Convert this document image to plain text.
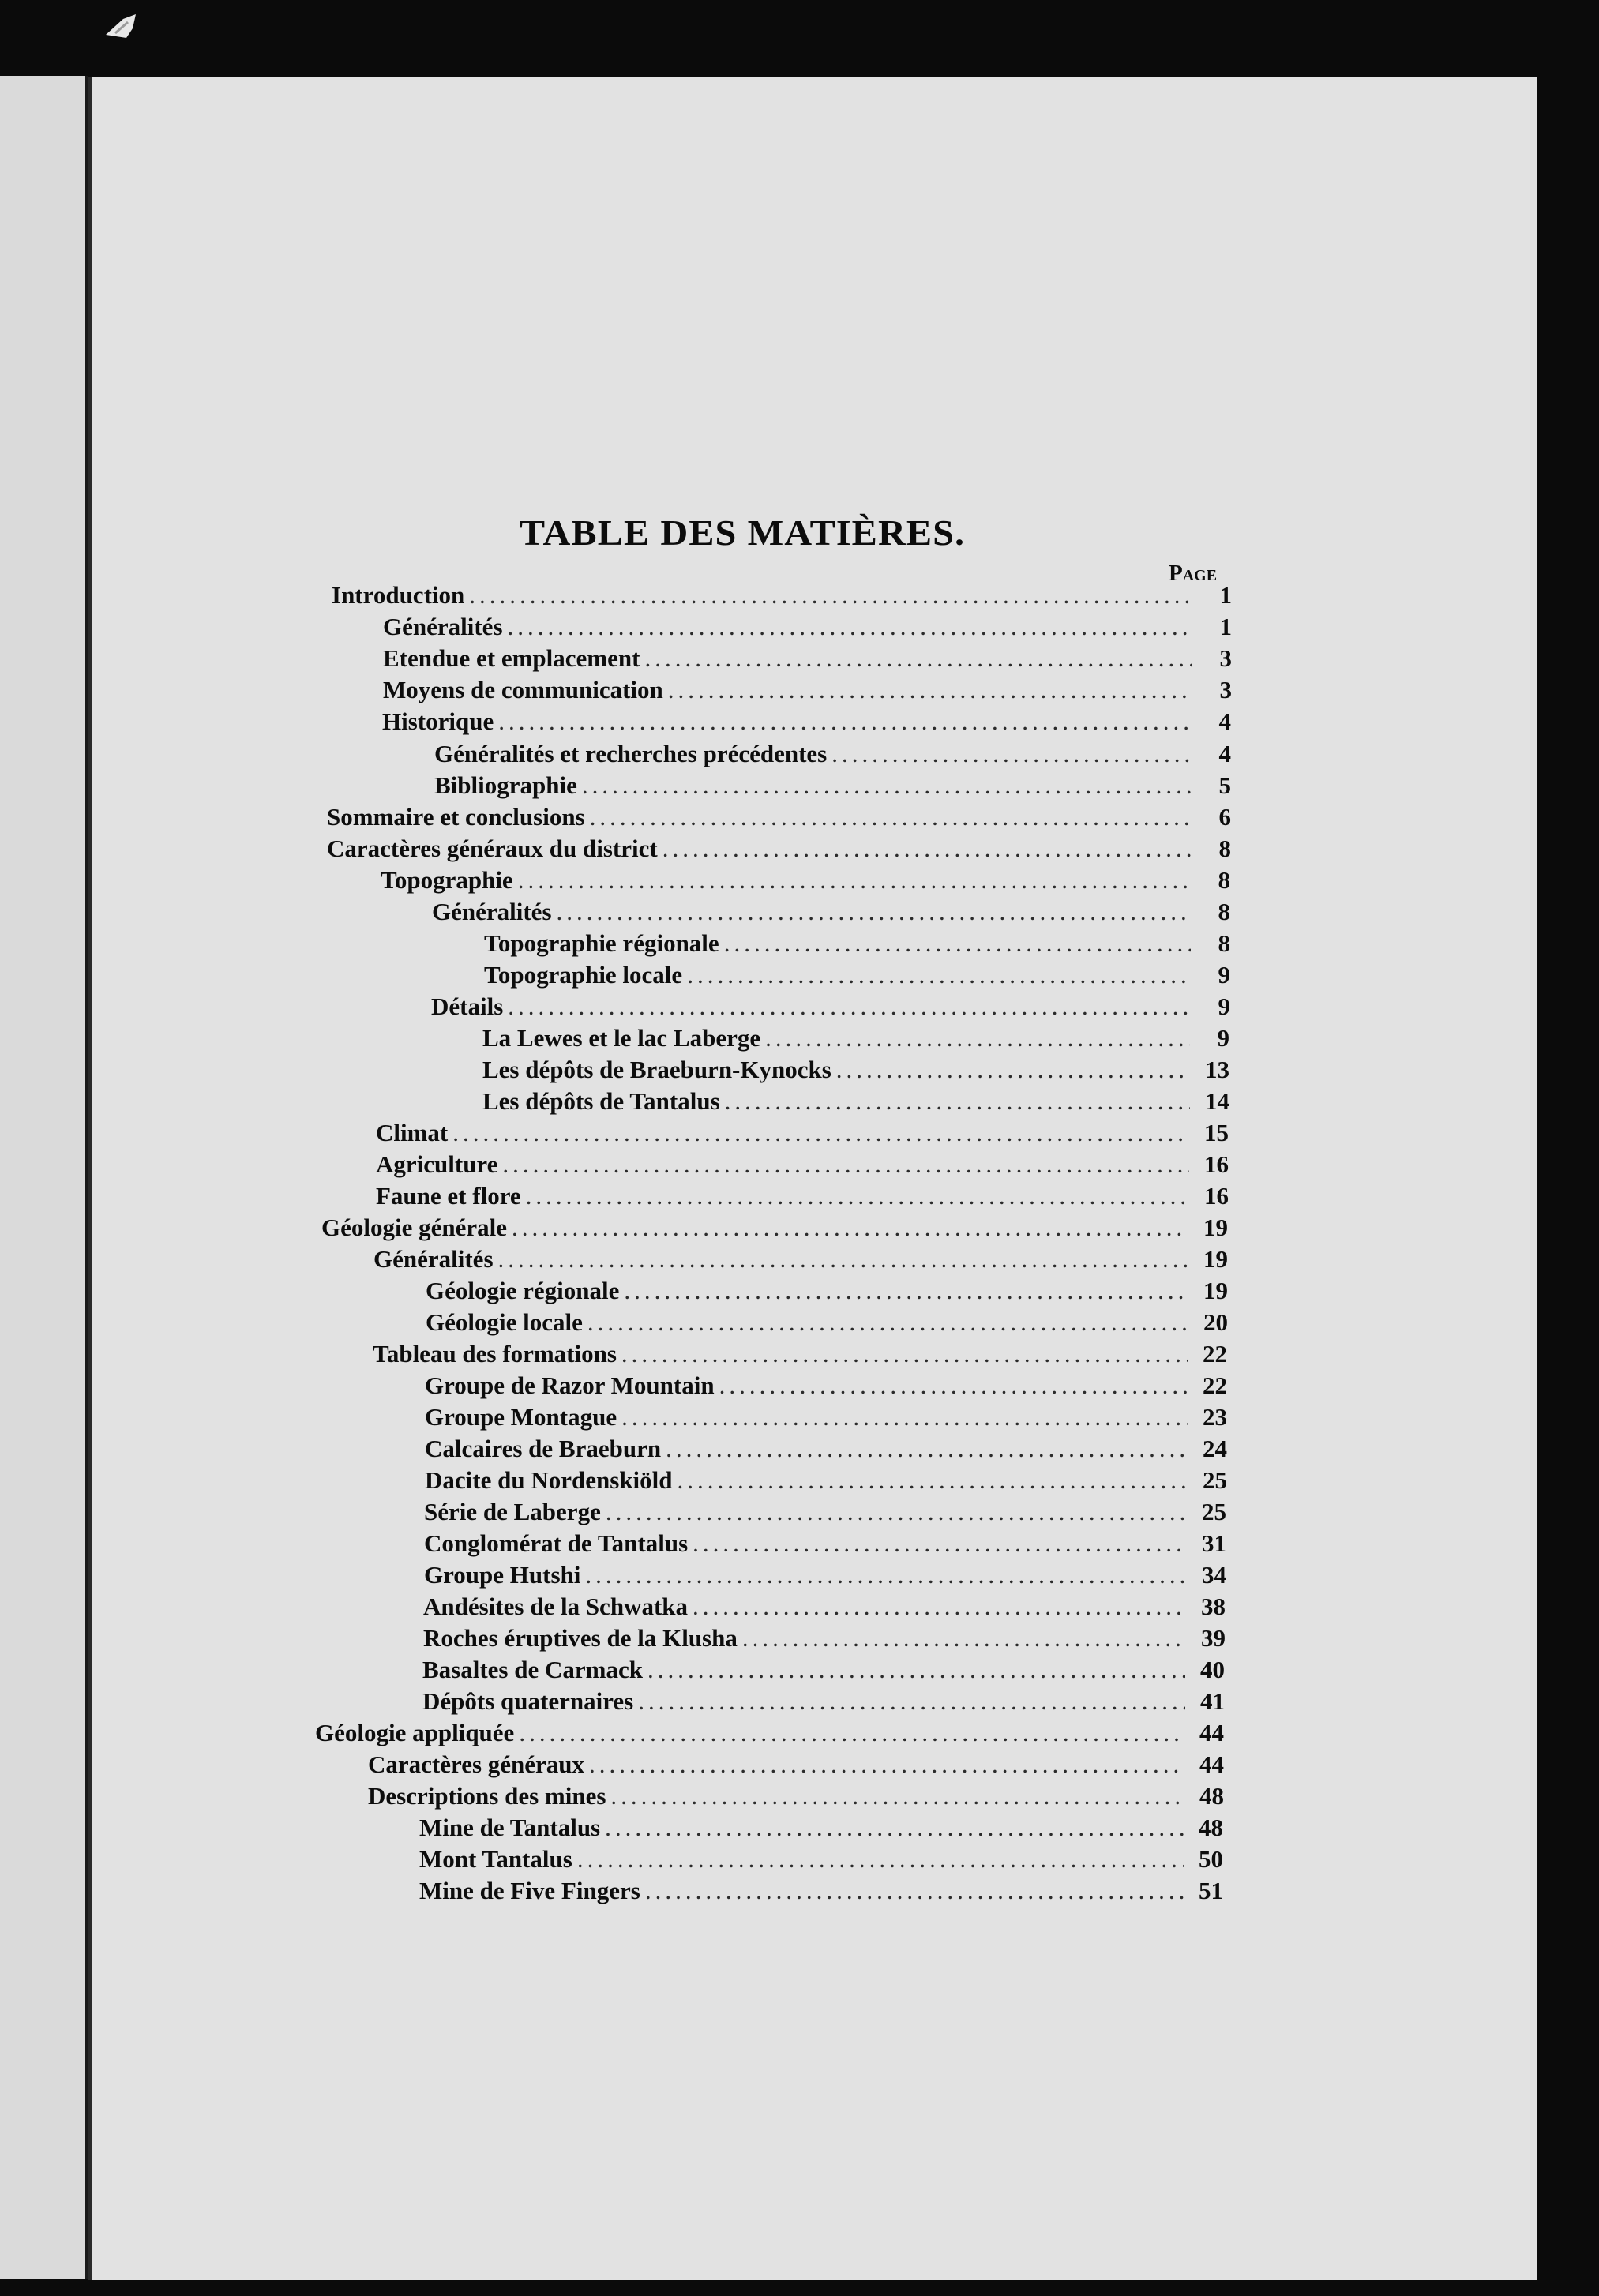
TABLE DES MATIÈRES.
Page
Introduction .....	1
Généralités .....	1
Etendue et emplacement .....	3
Moyens de communication .....	3
Historique .....	4
Généralités et recherches précédentes .....	4
Bibliographie .....	5
Sommaire et conclusions .....	6
Caractères généraux du district .....	8
Topographie .....	8
Généralités .....	8
Topographie régionale .....	8
Topographie locale .....	9
Détails .....	9
La Lewes et le lac Laberge .....	9
Les dépôts de Braeburn-Kynocks .....	13
Les dépôts de Tantalus .....	14
Climat .....	15
Agriculture .....	16
Faune et flore .....	16
Géologie générale .....	19
Généralités .....	19
Géologie régionale .....	19
Géologie locale .....	20
Tableau des formations .....	22
Groupe de Razor Mountain .....	22
Groupe Montague .....	23
Calcaires de Braeburn .....	24
Dacite du Nordenskiöld .....	25
Série de Laberge .....	25
Conglomérat de Tantalus .....	31
Groupe Hutshi .....	34
Andésites de la Schwatka .....	38
Roches éruptives de la Klusha .....	39
Basaltes de Carmack .....	40
Dépôts quaternaires .....	41
Géologie appliquée .....	44
Caractères généraux .....	44
Descriptions des mines .....	48
Mine de Tantalus .....	48
Mont Tantalus .....	50
Mine de Five Fingers .....	51
